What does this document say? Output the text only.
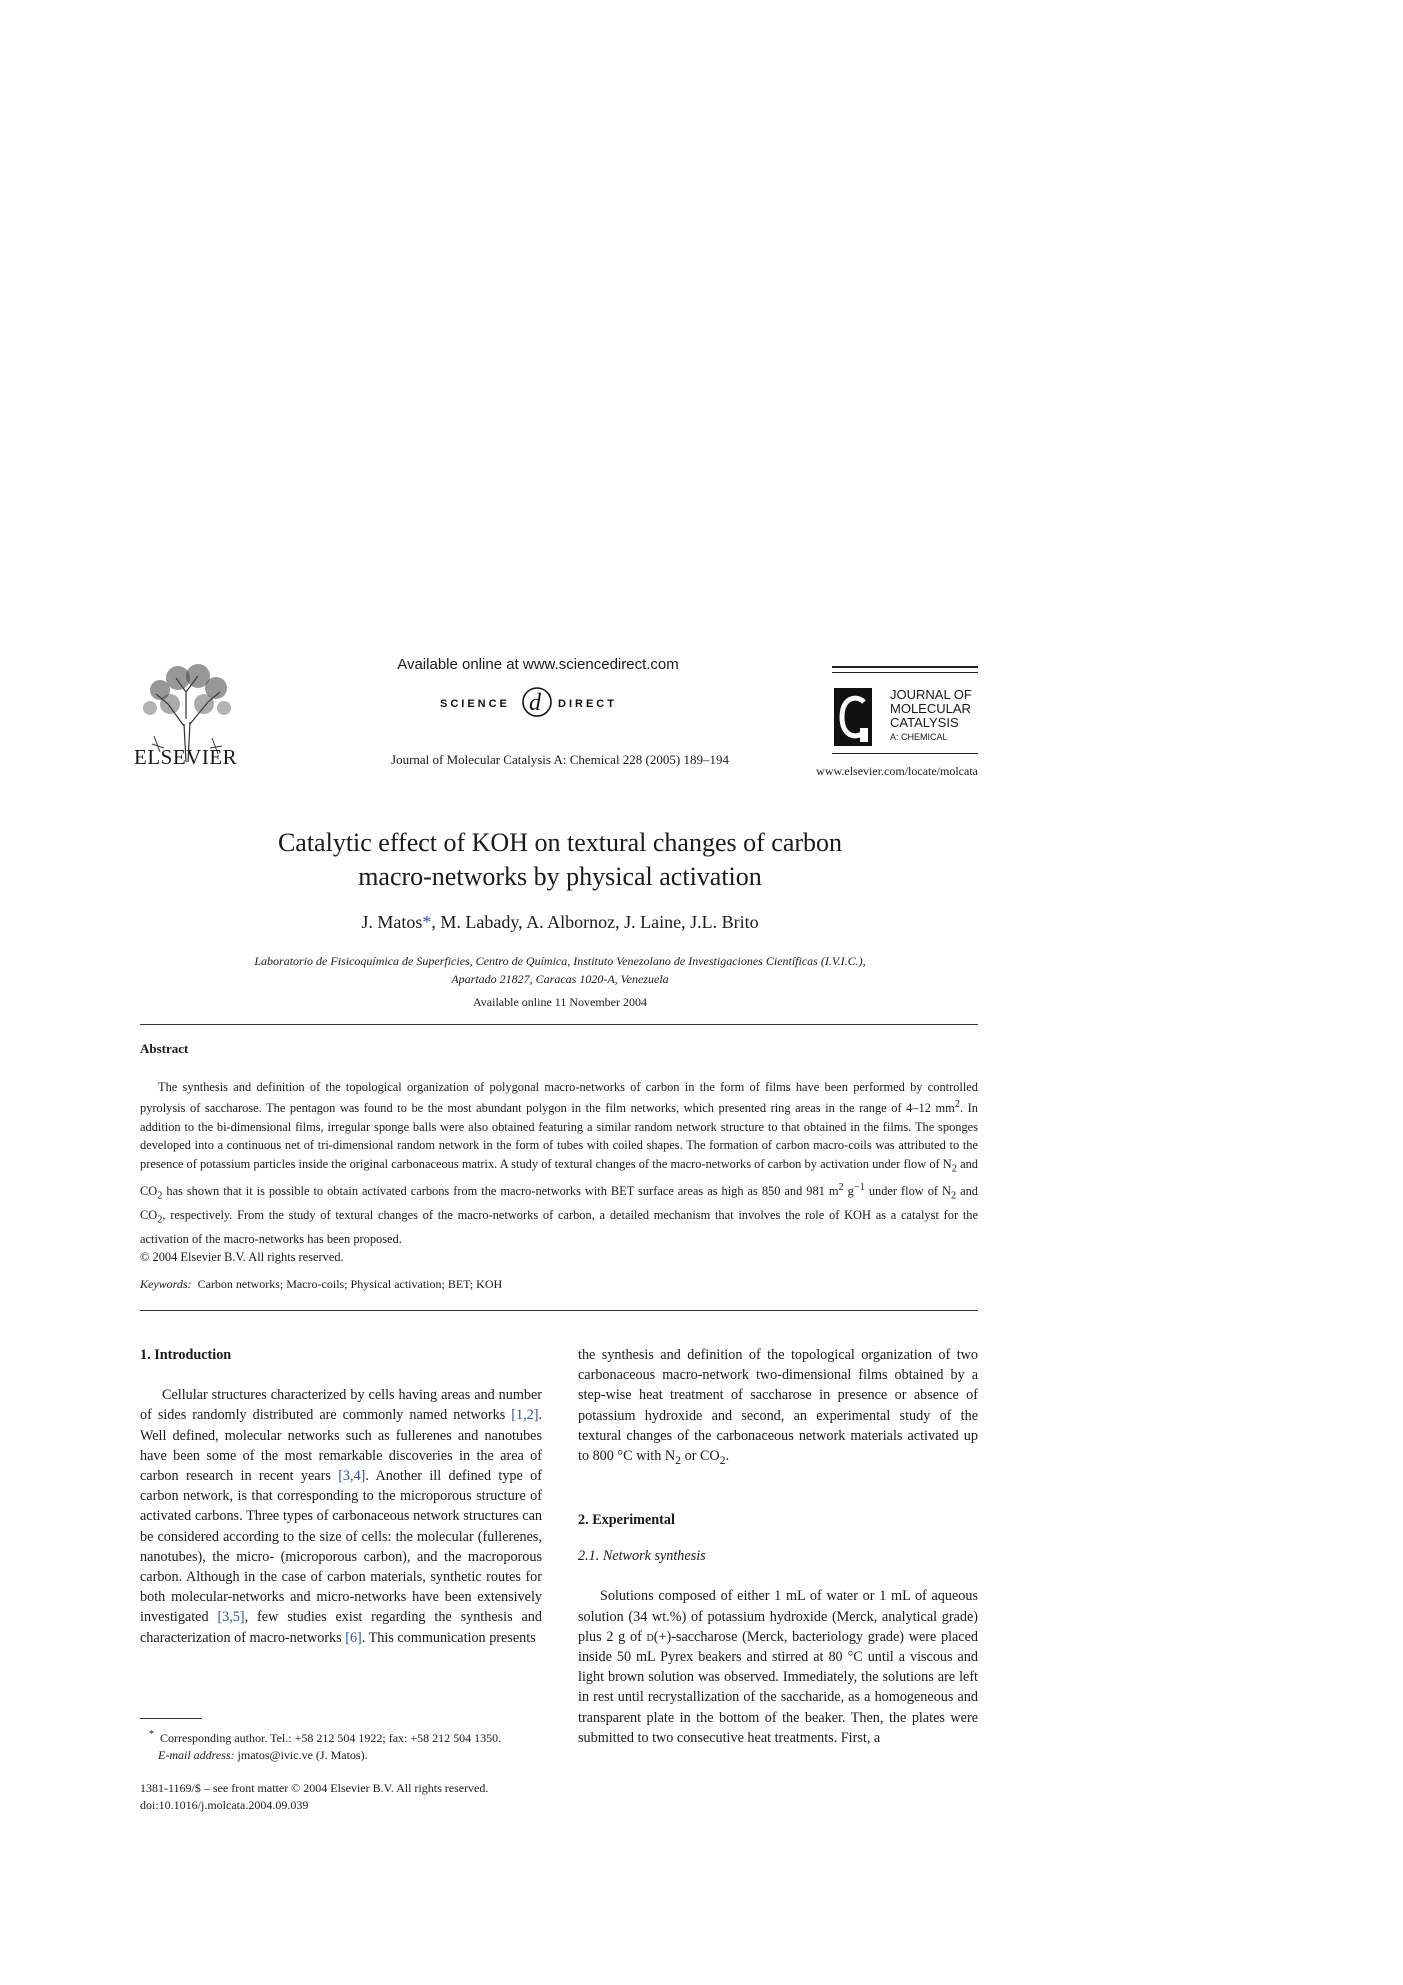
ELSEVIER
Available online at www.sciencedirect.com
SCIENCE d DIRECT
Journal of Molecular Catalysis A: Chemical 228 (2005) 189–194
JOURNAL OF
MOLECULAR
CATALYSIS
A: CHEMICAL
www.elsevier.com/locate/molcata
Catalytic effect of KOH on textural changes of carbon
macro-networks by physical activation
J. Matos*, M. Labady, A. Albornoz, J. Laine, J.L. Brito
Laboratorio de Fisicoquímica de Superficies, Centro de Química, Instituto Venezolano de Investigaciones Científicas (I.V.I.C.),
Apartado 21827, Caracas 1020-A, Venezuela
Available online 11 November 2004
Abstract

The synthesis and definition of the topological organization of polygonal macro-networks of carbon in the form of films have been performed by controlled pyrolysis of saccharose. The pentagon was found to be the most abundant polygon in the film networks, which presented ring areas in the range of 4–12 $mm^2$. In addition to the bi-dimensional films, irregular sponge balls were also obtained featuring a similar random network structure to that obtained in the films. The sponges developed into a continuous net of tri-dimensional random network in the form of tubes with coiled shapes. The formation of carbon macro-coils was attributed to the presence of potassium particles inside the original carbonaceous matrix. A study of textural changes of the macro-networks of carbon by activation under flow of $N_2$ and $CO_2$ has shown that it is possible to obtain activated carbons from the macro-networks with BET surface areas as high as 850 and 981 $m^2$ $g^{-1}$ under flow of $N_2$ and $CO_2$, respectively. From the study of textural changes of the macro-networks of carbon, a detailed mechanism that involves the role of KOH as a catalyst for the activation of the macro-networks has been proposed.

© 2004 Elsevier B.V. All rights reserved.

Keywords: Carbon networks; Macro-coils; Physical activation; BET; KOH

1. Introduction

Cellular structures characterized by cells having areas and number of sides randomly distributed are commonly named networks [1,2]. Well defined, molecular networks such as fullerenes and nanotubes have been some of the most remarkable discoveries in the area of carbon research in recent years [3,4]. Another ill defined type of carbon network, is that corresponding to the microporous structure of activated carbons. Three types of carbonaceous network structures can be considered according to the size of cells: the molecular (fullerenes, nanotubes), the micro- (microporous carbon), and the macroporous carbon. Although in the case of carbon materials, synthetic routes for both molecular-networks and micro-networks have been extensively investigated [3,5], few studies exist regarding the synthesis and characterization of macro-networks [6]. This communication presents

* Corresponding author. Tel.: +58 212 504 1922; fax: +58 212 504 1350.
E-mail address: jmatos@ivic.ve (J. Matos).
1381-1169/$ – see front matter © 2004 Elsevier B.V. All rights reserved.
doi:10.1016/j.molcata.2004.09.039

the synthesis and definition of the topological organization of two carbonaceous macro-network two-dimensional films obtained by a step-wise heat treatment of saccharose in presence or absence of potassium hydroxide and second, an experimental study of the textural changes of the carbonaceous network materials activated up to 800 °C with $N_2$ or $CO_2$.

2. Experimental

2.1. Network synthesis

Solutions composed of either 1 mL of water or 1 mL of aqueous solution (34 wt.%) of potassium hydroxide (Merck, analytical grade) plus 2 g of d(+)-saccharose (Merck, bacteriology grade) were placed inside 50 mL Pyrex beakers and stirred at 80 °C until a viscous and light brown solution was observed. Immediately, the solutions are left in rest until recrystallization of the saccharide, as a homogeneous and transparent plate in the bottom of the beaker. Then, the plates were submitted to two consecutive heat treatments. First, a
